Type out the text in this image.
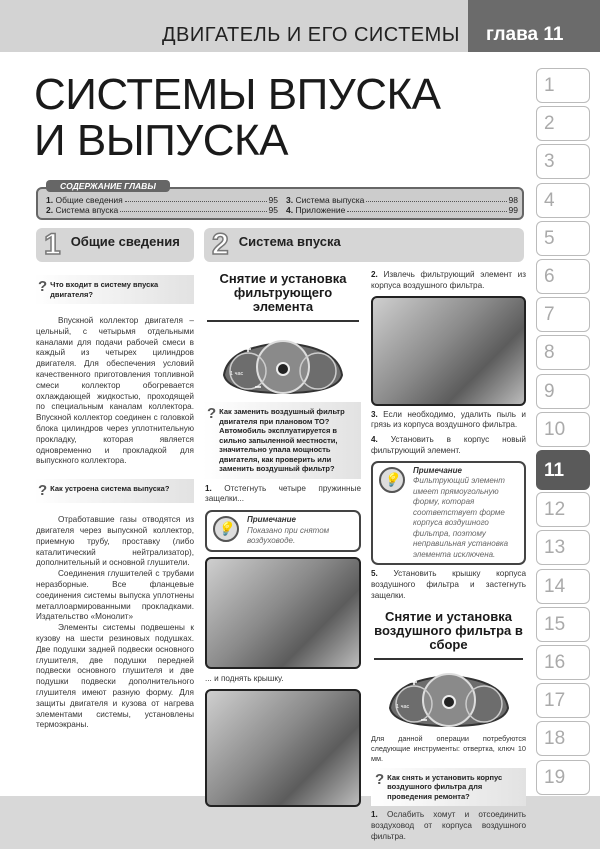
ДВИГАТЕЛЬ И ЕГО СИСТЕМЫ	глава 11
СИСТЕМЫ ВПУСКА
И ВЫПУСКА
1
2
3
4
5
6
7
8
9
10
11
12
13
14
15
16
17
18
19
1.
Общие сведения	95
2.
Система впуска	95
3.
Система выпуска	98
4.
Приложение	99
СОДЕРЖАНИЕ ГЛАВЫ
1 Общие сведения 2 Система впуска
? Что входит в систему впуска двигателя?

Впускной коллектор двигателя – цельный, с четырьмя отдельными каналами для подачи рабочей смеси в каждый из четырех цилиндров двигателя. Для обеспечения условий качественного приготовления топливной смеси коллектор обогревается охлаждающей жидкостью, проходящей по специальным каналам коллектора. Впускной коллектор соединен с головкой блока цилиндров через уплотнительную прокладку, которая является одновременно и прокладкой для выпускного коллектора.

? Как устроена система выпуска?

Отработавшие газы отводятся из двигателя через выпускной коллектор, приемную трубу, проставку (либо каталитический нейтрализатор), дополнительный и основной глушители.

Соединения глушителей с трубами неразборные. Все фланцевые соединения системы выпуска уплотнены металлоармированными прокладками. Издательство «Монолит»

Элементы системы подвешены к кузову на шести резиновых подушках. Две подушки задней подвески основного глушителя, две подушки передней подвески основного глушителя и две подушки подвески дополнительного глушителя имеют разную форму. Для защиты двигателя и кузова от нагрева элементами системы, установлены термоэкраны.

Снятие и установка фильтрующего элемента
1 час
? Как заменить воздушный фильтр двигателя при плановом ТО? Автомобиль эксплуатируется в сильно запыленной местности, значительно упала мощность двигателя, как проверить или заменить воздушный фильтр?

1. Отстегнуть четыре пружинные защелки...

💡
Примечание
Показано при снятом воздуховоде.

... и поднять крышку.

2. Извлечь фильтрующий элемент из корпуса воздушного фильтра.

3. Если необходимо, удалить пыль и грязь из корпуса воздушного фильтра.

4. Установить в корпус новый фильтрующий элемент.

💡
Примечание
Фильтрующий элемент имеет прямоугольную форму, которая соответствует форме корпуса воздушного фильтра, поэтому неправильная установка элемента исключена.

5. Установить крышку корпуса воздушного фильтра и застегнуть защелки.

Снятие и установка воздушного фильтра в сборе
1 час

Для данной операции потребуются следующие инструменты: отвертка, ключ 10 мм.

? Как снять и установить корпус воздушного фильтра для проведения ремонта?

1. Ослабить хомут и отсоединить воздуховод от корпуса воздушного фильтра.
